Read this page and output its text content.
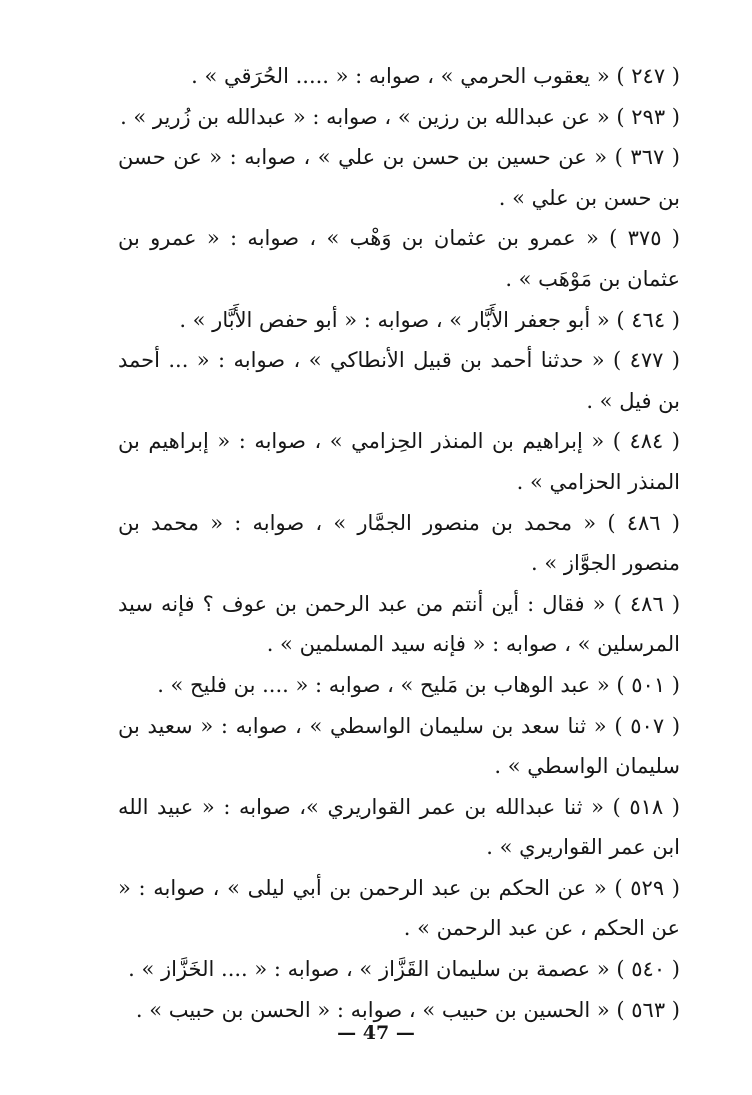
( ٢٤٧ ) « يعقوب الحرمي » ، صوابه : « ..... الحُرَقي » .

( ٢٩٣ ) « عن عبدالله بن رزين » ، صوابه : « عبدالله بن زُرير » .

( ٣٦٧ ) « عن حسين بن حسن بن علي » ، صوابه : « عن حسن بن حسن بن علي » .

( ٣٧٥ ) « عمرو بن عثمان بن وَهْب » ، صوابه : « عمرو بن عثمان بن مَوْهَب » .

( ٤٦٤ ) « أبو جعفر الأَبَّار » ، صوابه : « أبو حفص الأَبَّار » .

( ٤٧٧ ) « حدثنا أحمد بن قبيل الأنطاكي » ، صوابه : « ... أحمد بن فيل » .

( ٤٨٤ ) « إبراهيم بن المنذر الحِزامي » ، صوابه : « إبراهيم بن المنذر الحزامي » .

( ٤٨٦ ) « محمد بن منصور الجمَّار » ، صوابه : « محمد بن منصور الجوَّاز » .

( ٤٨٦ ) « فقال : أين أنتم من عبد الرحمن بن عوف ؟ فإنه سيد المرسلين » ، صوابه : « فإنه سيد المسلمين » .

( ٥٠١ ) « عبد الوهاب بن مَليح » ، صوابه : « .... بن فليح » .

( ٥٠٧ ) « ثنا سعد بن سليمان الواسطي » ، صوابه : « سعيد بن سليمان الواسطي » .

( ٥١٨ ) « ثنا عبدالله بن عمر القواريري »، صوابه : « عبيد الله ابن عمر القواريري » .

( ٥٢٩ ) « عن الحكم بن عبد الرحمن بن أبي ليلى » ، صوابه : « عن الحكم ، عن عبد الرحمن » .

( ٥٤٠ ) « عصمة بن سليمان القَزَّاز » ، صوابه : « .... الخَزَّاز » .

( ٥٦٣ ) « الحسين بن حبيب » ، صوابه : « الحسن بن حبيب » .

— 47 —
